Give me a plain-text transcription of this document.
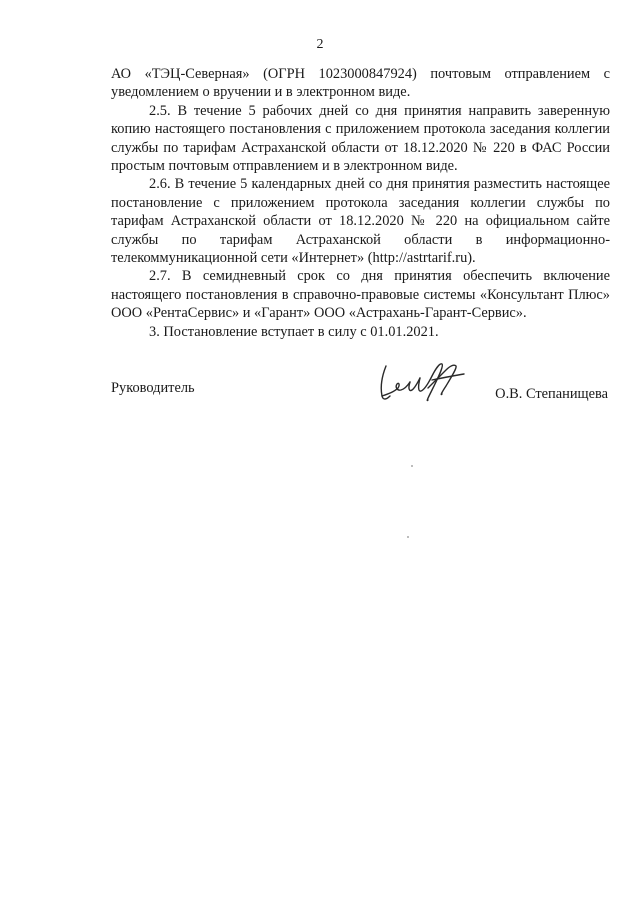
2

АО «ТЭЦ-Северная» (ОГРН 1023000847924) почтовым отправлением с уведомлением о вручении и в электронном виде.

2.5. В течение 5 рабочих дней со дня принятия направить заверенную копию настоящего постановления с приложением протокола заседания коллегии службы по тарифам Астраханской области от 18.12.2020 № 220 в ФАС России простым почтовым отправлением и в электронном виде.

2.6. В течение 5 календарных дней со дня принятия разместить настоящее постановление с приложением протокола заседания коллегии службы по тарифам Астраханской области от 18.12.2020 № 220 на официальном сайте службы по тарифам Астраханской области в информационно-телекоммуникационной сети «Интернет» (http://astrtarif.ru).

2.7. В семидневный срок со дня принятия обеспечить включение настоящего постановления в справочно-правовые системы «Консультант Плюс» ООО «РентаСервис» и «Гарант» ООО «Астрахань-Гарант-Сервис».

3. Постановление вступает в силу с 01.01.2021.

Руководитель	О.В. Степанищева
